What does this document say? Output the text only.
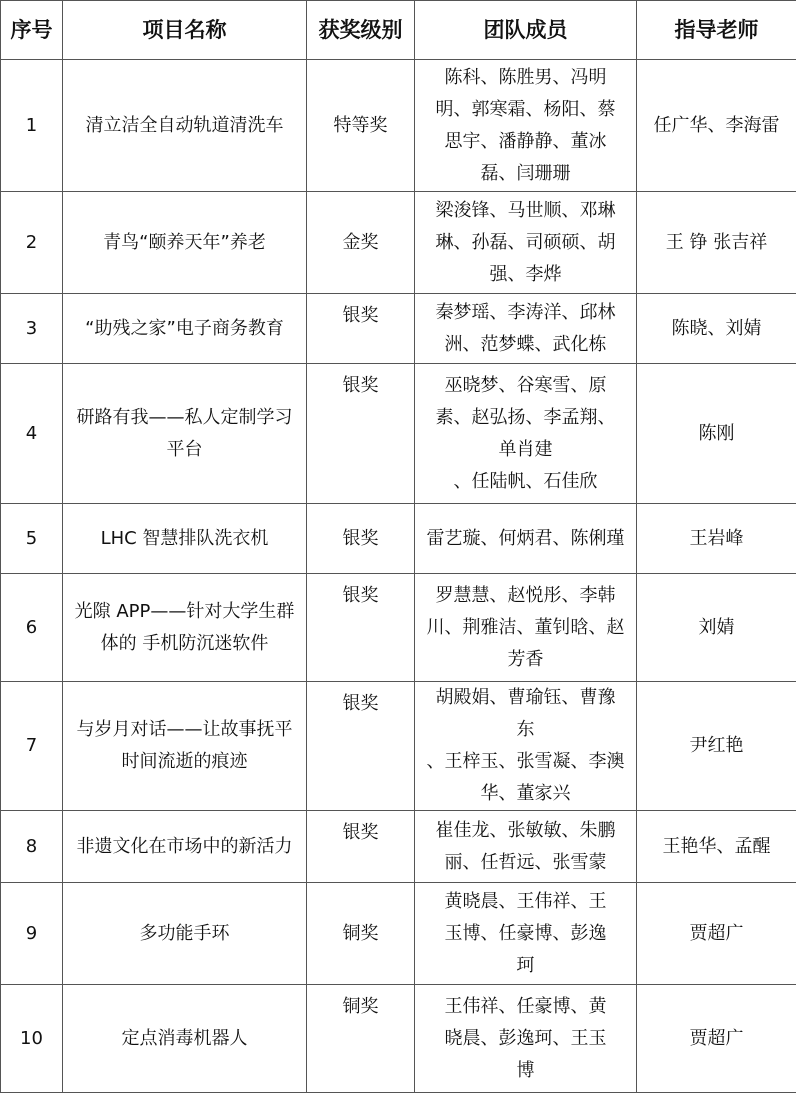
序号	项目名称	获奖级别	团队成员	指导老师
1	清立洁全自动轨道清洗车	特等奖	陈科、陈胜男、冯明
明、郭寒霜、杨阳、蔡
思宇、潘静静、董冰
磊、闫珊珊	任广华、李海雷
2	青鸟“颐养天年”养老	金奖	梁浚锋、马世顺、邓琳
琳、孙磊、司硕硕、胡
强、李烨	王 铮 张吉祥
3	“助残之家”电子商务教育	银奖	秦梦瑶、李涛洋、邱林
洲、范梦蝶、武化栋	陈晓、刘婧
4	研路有我——私人定制学习
平台	银奖	巫晓梦、谷寒雪、原
素、赵弘扬、李孟翔、
单肖建
、任陆帆、石佳欣	陈刚
5	LHC 智慧排队洗衣机	银奖	雷艺璇、何炳君、陈俐瑾	王岩峰
6	光隙 APP——针对大学生群
体的 手机防沉迷软件	银奖	罗慧慧、赵悦彤、李韩
川、荆雅洁、董钊晗、赵
芳香	刘婧
7	与岁月对话——让故事抚平
时间流逝的痕迹	银奖	胡殿娟、曹瑜钰、曹豫
东
、王梓玉、张雪凝、李澳
华、董家兴	尹红艳
8	非遗文化在市场中的新活力	银奖	崔佳龙、张敏敏、朱鹏
丽、任哲远、张雪蒙	王艳华、孟醒
9	多功能手环	铜奖	黄晓晨、王伟祥、王
玉博、任豪博、彭逸
珂	贾超广
10	定点消毒机器人	铜奖	王伟祥、任豪博、黄
晓晨、彭逸珂、王玉
博	贾超广
